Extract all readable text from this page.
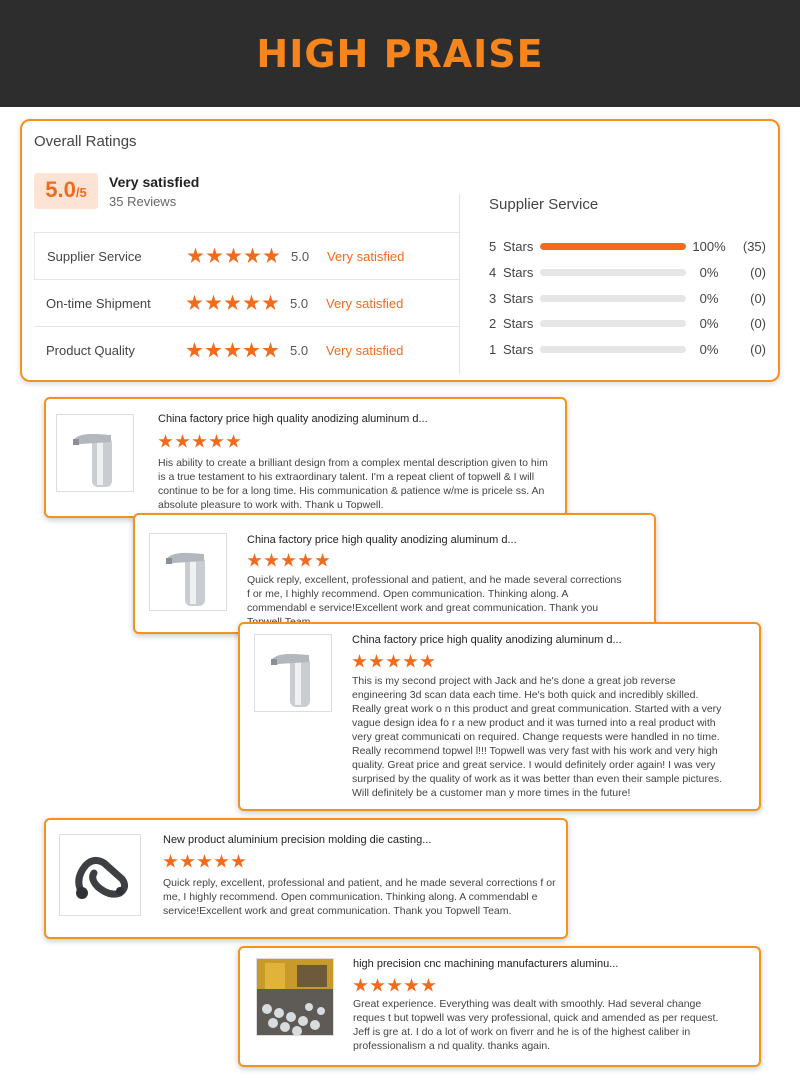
HIGH PRAISE
Overall Ratings
5.0 /5
Very satisfied
35 Reviews
Supplier Service	5.0	Very satisfied
On-time Shipment	5.0	Very satisfied
Product Quality	5.0	Very satisfied
Supplier Service
5 Stars	100%	(35)
4 Stars	0%	(0)
3 Stars	0%	(0)
2 Stars	0%	(0)
1 Stars	0%	(0)
China factory price high quality anodizing aluminum d...
His ability to create a brilliant design from a complex mental description given to him is a true testament to his extraordinary talent. I'm a repeat client of topwell & I will continue to be for a long time. His communication & patience w/me is pricele ss. An absolute pleasure to work with. Thank u Topwell.
China factory price high quality anodizing aluminum d...
Quick reply, excellent, professional and patient, and he made several corrections f or me, I highly recommend. Open communication. Thinking along. A commendabl e service!Excellent work and great communication. Thank you
China factory price high quality anodizing aluminum d...
This is my second project with Jack and he's done a great job reverse engineering 3d scan data each time. He's both quick and incredibly skilled. Really great work o n this product and great communication. Started with a very vague design idea fo r a new product and it was turned into a real product with very great communicati on required. Change requests were handled in no time. Really recommend topwel l!!! Topwell was very fast with his work and very high quality. Great price and great service. I would definitely order again! I was very surprised by the quality of work as it was better than even their sample pictures. Will definitely be a customer man y more times in the future!
New product aluminium precision molding die casting...
Quick reply, excellent, professional and patient, and he made several corrections f or me, I highly recommend. Open communication. Thinking along. A commendabl e service!Excellent work and great communication. Thank you Topwell Team.
high precision cnc machining manufacturers aluminu...
Great experience. Everything was dealt with smoothly. Had several change reques t but topwell was very professional, quick and amended as per request. Jeff is gre at. I do a lot of work on fiverr and he is of the highest caliber in professionalism a nd quality. thanks again.
